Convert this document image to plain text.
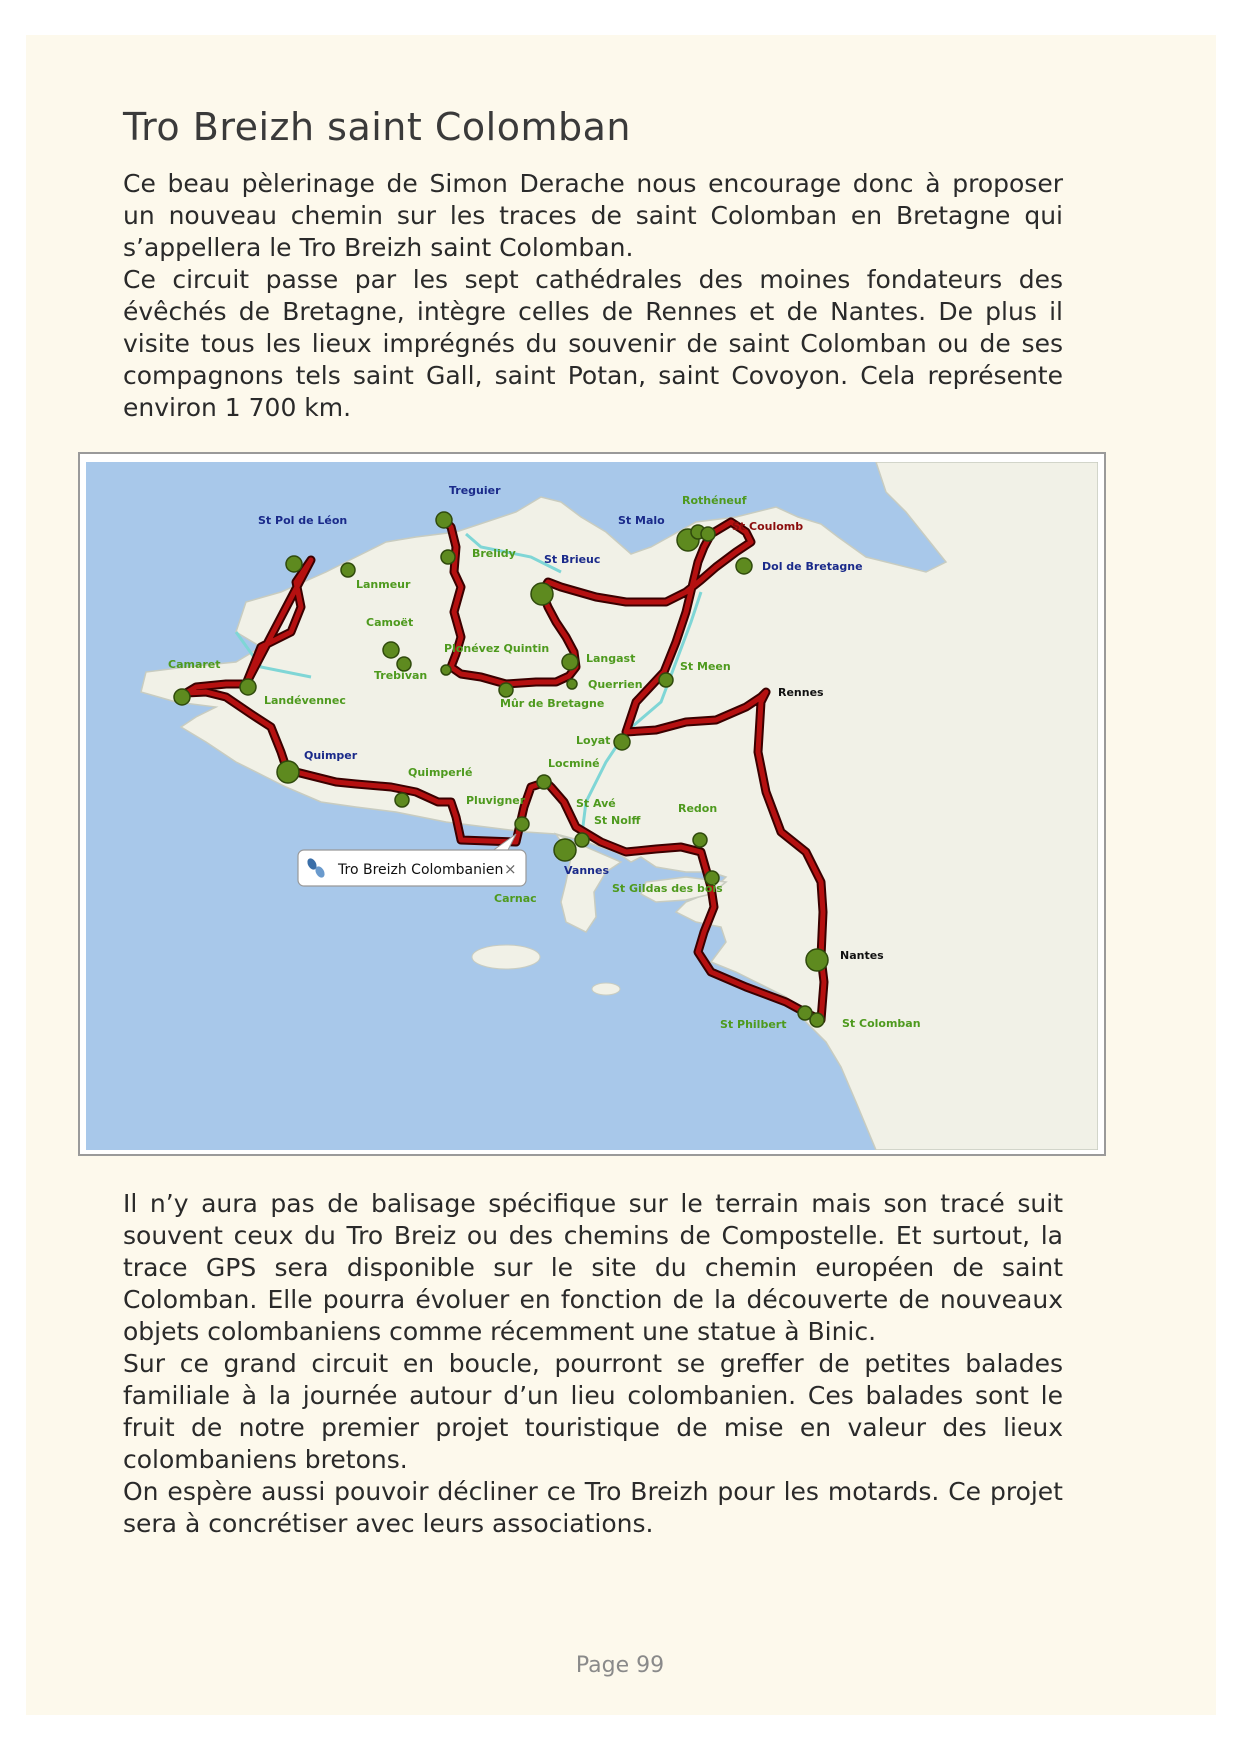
Tro Breizh saint Colomban

Ce beau pèlerinage de Simon Derache nous encourage donc à proposer un nouveau chemin sur les traces de saint Colomban en Bretagne qui s’appellera le Tro Breizh saint Colomban.

Ce circuit passe par les sept cathédrales des moines fondateurs des évêchés de Bretagne, intègre celles de Rennes et de Nantes. De plus il visite tous les lieux imprégnés du souvenir de saint Colomban ou de ses compagnons tels saint Gall, saint Potan, saint Covoyon. Cela représente environ 1 700 km.

Treguier
St Pol de Léon	St Malo
St Brieuc
Dol de Bretagne
Rennes
Quimper
Vannes
Nantes
Rothéneuf
St Coulomb
Brelidy
Lanmeur
Camoët
Plonévez Quintin
Langast
Querrien
Trebivan
Mûr de Bretagne
St Meen
Camaret
Landévennec
Loyat
Locminé
Quimperlé
Pluvigner	St Avé
St Nolff
Redon
Carnac
St Gildas des bois
St Philbert	St Colomban
Tro Breizh Colombanien ×

Il n’y aura pas de balisage spécifique sur le terrain mais son tracé suit souvent ceux du Tro Breiz ou des chemins de Compostelle. Et surtout, la trace GPS sera disponible sur le site du chemin européen de saint Colomban. Elle pourra évoluer en fonction de la découverte de nouveaux objets colombaniens comme récemment une statue à Binic.

Sur ce grand circuit en boucle, pourront se greffer de petites balades familiale à la journée autour d’un lieu colombanien. Ces balades sont le fruit de notre premier projet touristique de mise en valeur des lieux colombaniens bretons.

On espère aussi pouvoir décliner ce Tro Breizh pour les motards. Ce projet sera à concrétiser avec leurs associations.

Page 99
